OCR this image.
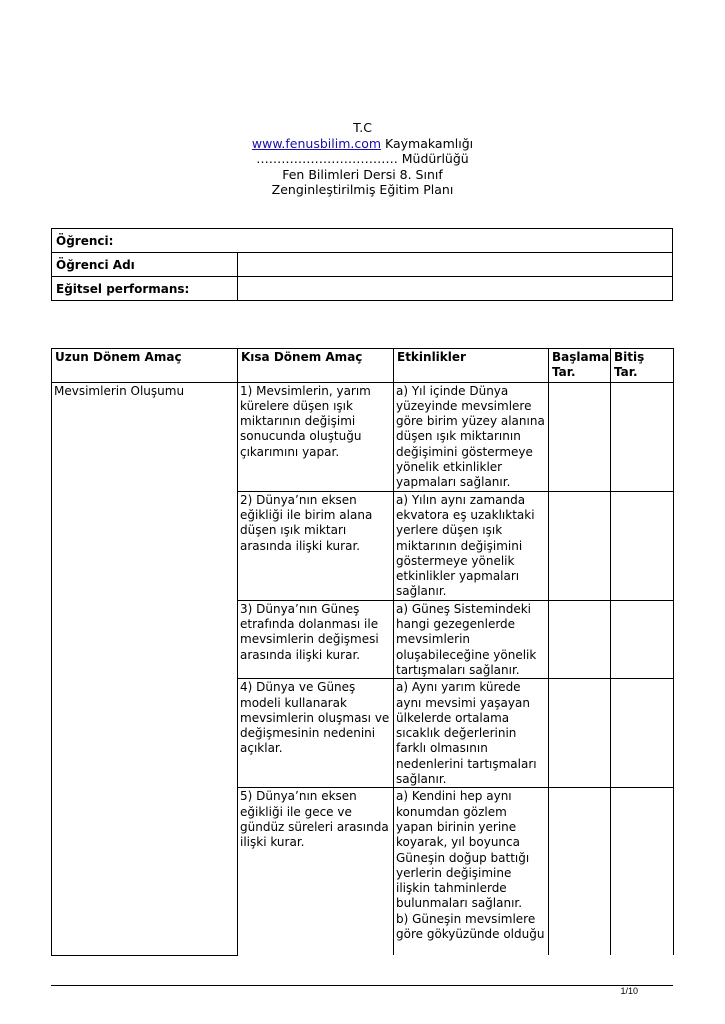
T.C
www.fenusbilim.com Kaymakamlığı
……………………………. Müdürlüğü
Fen Bilimleri Dersi 8. Sınıf
Zenginleştirilmiş Eğitim Planı
Öğrenci:	
Öğrenci Adı	
Eğitsel performans:	
Uzun Dönem Amaç	Kısa Dönem Amaç	Etkinlikler	Başlama Tar.	Bitiş Tar.
Mevsimlerin Oluşumu	1) Mevsimlerin, yarım kürelere düşen ışık miktarının değişimi sonucunda oluştuğu çıkarımını yapar.	a) Yıl içinde Dünya yüzeyinde mevsimlere göre birim yüzey alanına düşen ışık miktarının değişimini göstermeye yönelik etkinlikler yapmaları sağlanır.		
	2) Dünya’nın eksen eğikliği ile birim alana düşen ışık miktarı arasında ilişki kurar.	a) Yılın aynı zamanda ekvatora eş uzaklıktaki yerlere düşen ışık miktarının değişimini göstermeye yönelik etkinlikler yapmaları sağlanır.		
	3) Dünya’nın Güneş etrafında dolanması ile mevsimlerin değişmesi arasında ilişki kurar.	a) Güneş Sistemindeki hangi gezegenlerde mevsimlerin oluşabileceğine yönelik tartışmaları sağlanır.		
	4) Dünya ve Güneş modeli kullanarak mevsimlerin oluşması ve değişmesinin nedenini açıklar.	a) Aynı yarım kürede aynı mevsimi yaşayan ülkelerde ortalama sıcaklık değerlerinin farklı olmasının nedenlerini tartışmaları sağlanır.		
	5) Dünya’nın eksen eğikliği ile gece ve gündüz süreleri arasında ilişki kurar.	a) Kendini hep aynı konumdan gözlem yapan birinin yerine koyarak, yıl boyunca Güneşin doğup battığı yerlerin değişimine ilişkin tahminlerde bulunmaları sağlanır.
b) Güneşin mevsimlere göre gökyüzünde olduğu		

1/10
